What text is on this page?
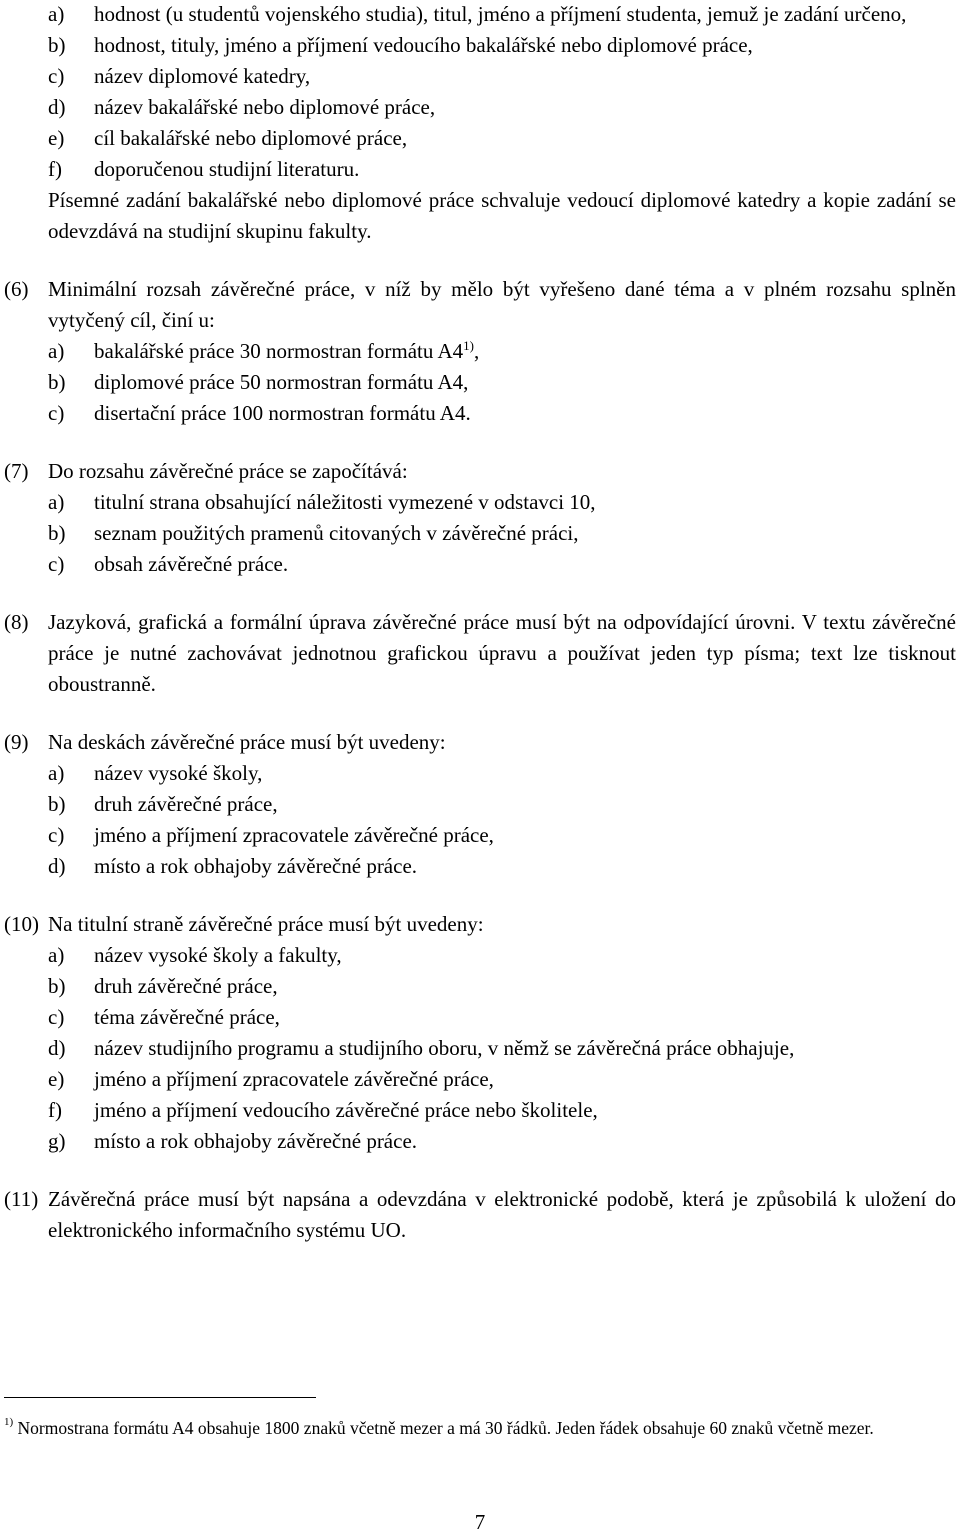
a) hodnost (u studentů vojenského studia), titul, jméno a příjmení studenta, jemuž je zadání určeno,
b) hodnost, tituly, jméno a příjmení vedoucího bakalářské nebo diplomové práce,
c) název diplomové katedry,
d) název bakalářské nebo diplomové práce,
e) cíl bakalářské nebo diplomové práce,
f) doporučenou studijní literaturu.
Písemné zadání bakalářské nebo diplomové práce schvaluje vedoucí diplomové katedry a kopie zadání se odevzdává na studijní skupinu fakulty.
(6) Minimální rozsah závěrečné práce, v níž by mělo být vyřešeno dané téma a v plném rozsahu splněn vytyčený cíl, činí u:
a) bakalářské práce 30 normostran formátu A4$^{1)}$,
b) diplomové práce 50 normostran formátu A4,
c) disertační práce 100 normostran formátu A4.
(7) Do rozsahu závěrečné práce se započítává:
a) titulní strana obsahující náležitosti vymezené v odstavci 10,
b) seznam použitých pramenů citovaných v závěrečné práci,
c) obsah závěrečné práce.
(8) Jazyková, grafická a formální úprava závěrečné práce musí být na odpovídající úrovni. V textu závěrečné práce je nutné zachovávat jednotnou grafickou úpravu a používat jeden typ písma; text lze tisknout oboustranně.
(9) Na deskách závěrečné práce musí být uvedeny:
a) název vysoké školy,
b) druh závěrečné práce,
c) jméno a příjmení zpracovatele závěrečné práce,
d) místo a rok obhajoby závěrečné práce.
(10) Na titulní straně závěrečné práce musí být uvedeny:
a) název vysoké školy a fakulty,
b) druh závěrečné práce,
c) téma závěrečné práce,
d) název studijního programu a studijního oboru, v němž se závěrečná práce obhajuje,
e) jméno a příjmení zpracovatele závěrečné práce,
f) jméno a příjmení vedoucího závěrečné práce nebo školitele,
g) místo a rok obhajoby závěrečné práce.
(11) Závěrečná práce musí být napsána a odevzdána v elektronické podobě, která je způsobilá k uložení do elektronického informačního systému UO.
$^{1)}$ Normostrana formátu A4 obsahuje 1800 znaků včetně mezer a má 30 řádků. Jeden řádek obsahuje 60 znaků včetně mezer.
7
